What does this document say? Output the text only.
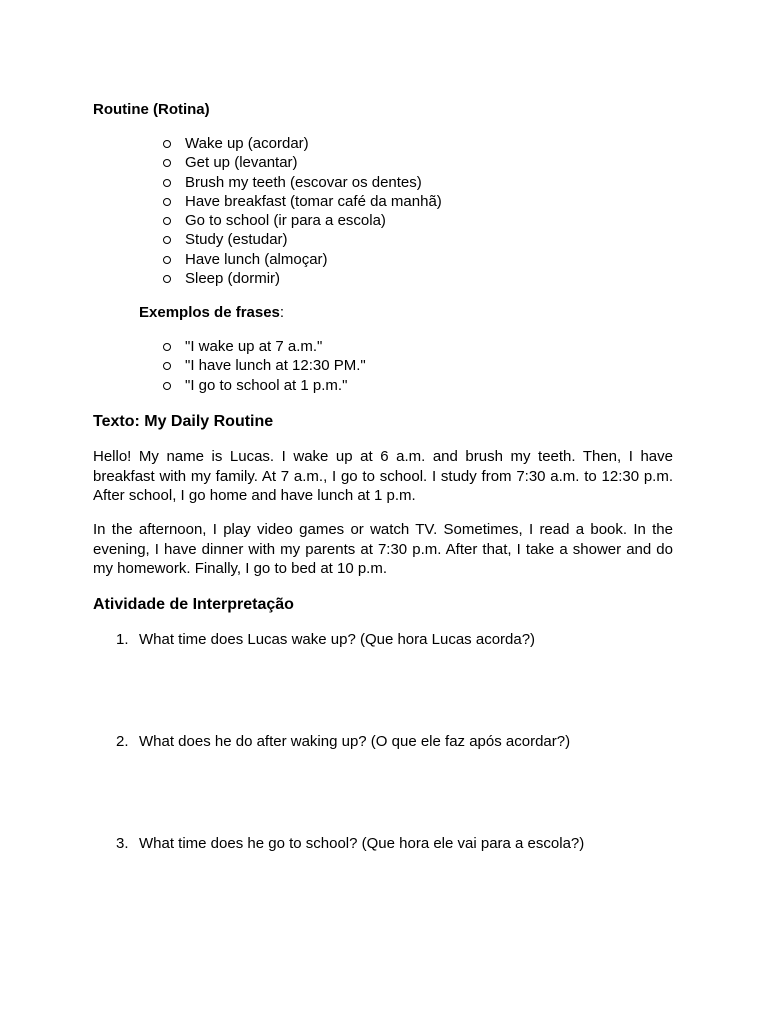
Routine (Rotina)
Wake up (acordar)
Get up (levantar)
Brush my teeth (escovar os dentes)
Have breakfast (tomar café da manhã)
Go to school (ir para a escola)
Study (estudar)
Have lunch (almoçar)
Sleep (dormir)
Exemplos de frases:
"I wake up at 7 a.m."
"I have lunch at 12:30 PM."
"I go to school at 1 p.m."
Texto: My Daily Routine

Hello! My name is Lucas. I wake up at 6 a.m. and brush my teeth. Then, I have breakfast with my family. At 7 a.m., I go to school. I study from 7:30 a.m. to 12:30 p.m. After school, I go home and have lunch at 1 p.m.

In the afternoon, I play video games or watch TV. Sometimes, I read a book. In the evening, I have dinner with my parents at 7:30 p.m. After that, I take a shower and do my homework. Finally, I go to bed at 10 p.m.

Atividade de Interpretação
1. What time does Lucas wake up? (Que hora Lucas acorda?)
2. What does he do after waking up? (O que ele faz após acordar?)
3. What time does he go to school? (Que hora ele vai para a escola?)
